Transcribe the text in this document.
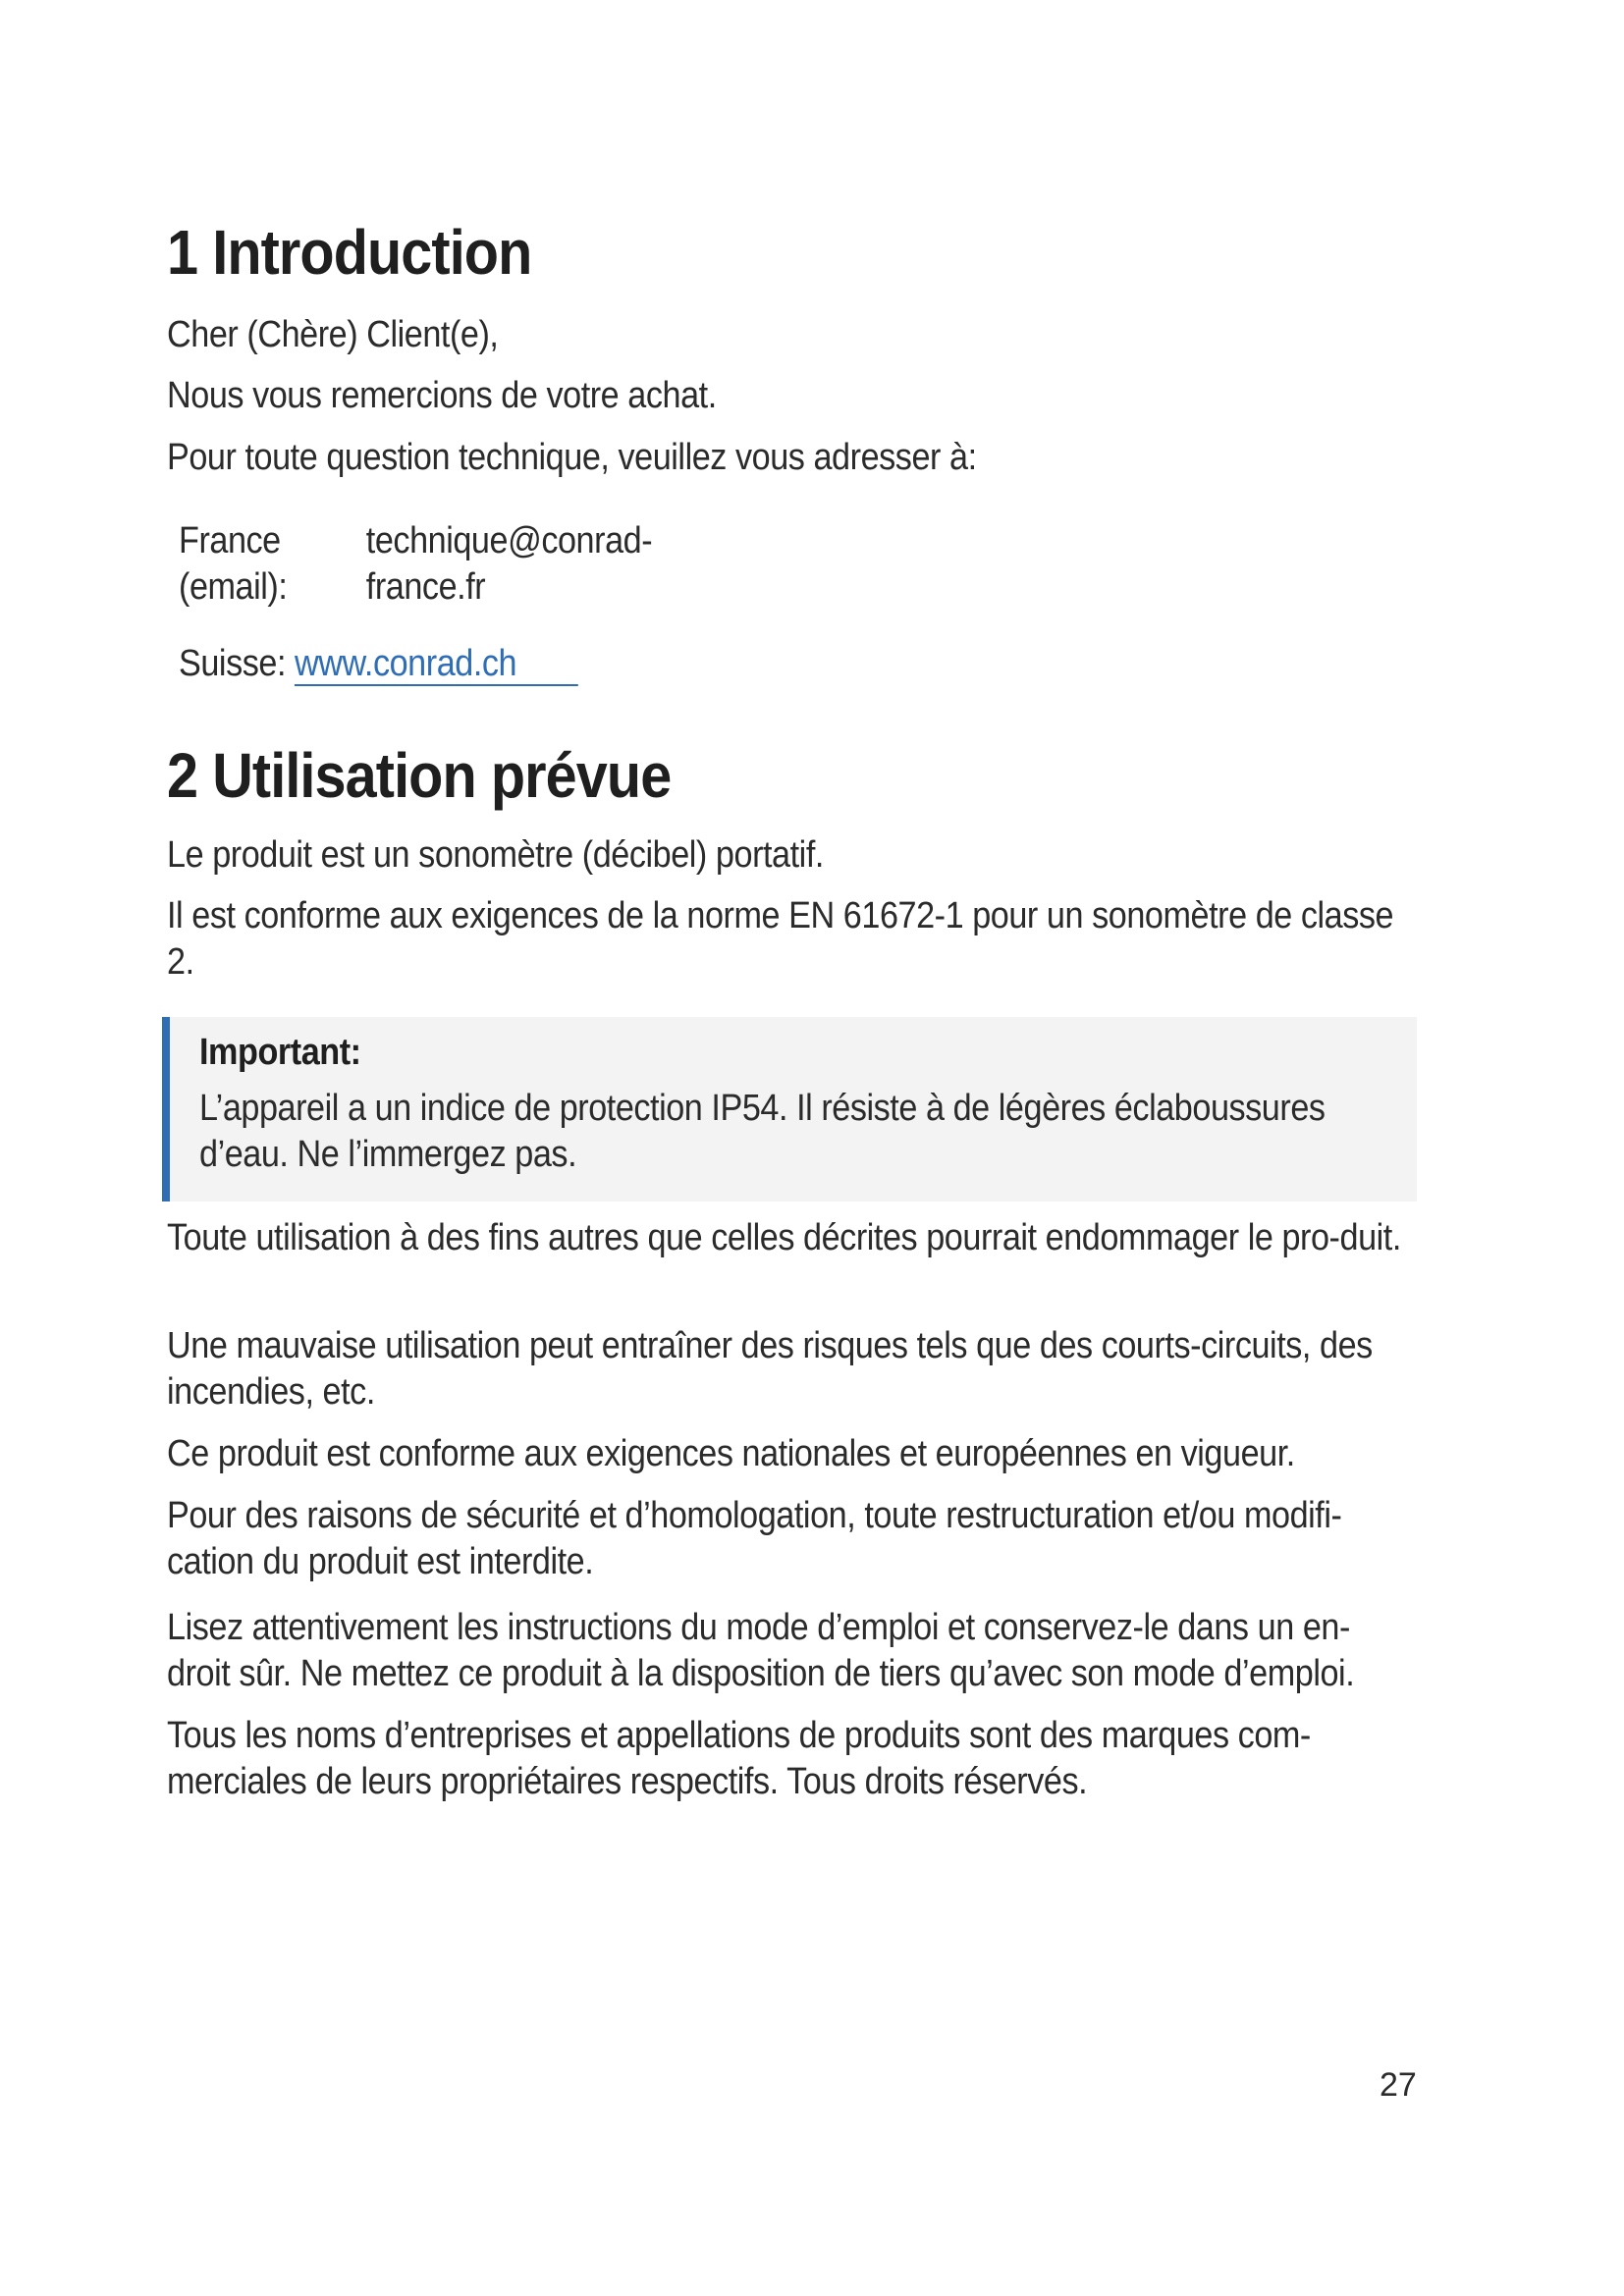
1 Introduction

Cher (Chère) Client(e),

Nous vous remercions de votre achat.

Pour toute question technique, veuillez vous adresser à:

France
(email):
technique@conrad-
france.fr
Suisse: www.conrad.ch
2 Utilisation prévue

Le produit est un sonomètre (décibel) portatif.

Il est conforme aux exigences de la norme EN 61672-1 pour un sonomètre de classe 2.

Important:
L’appareil a un indice de protection IP54. Il résiste à de légères éclaboussures d’eau. Ne l’immergez pas.

Toute utilisation à des fins autres que celles décrites pourrait endommager le pro-duit.

Une mauvaise utilisation peut entraîner des risques tels que des courts-circuits, des incendies, etc.

Ce produit est conforme aux exigences nationales et européennes en vigueur.

Pour des raisons de sécurité et d’homologation, toute restructuration et/ou modifi-cation du produit est interdite.

Lisez attentivement les instructions du mode d’emploi et conservez-le dans un en-droit sûr. Ne mettez ce produit à la disposition de tiers qu’avec son mode d’emploi.

Tous les noms d’entreprises et appellations de produits sont des marques com-merciales de leurs propriétaires respectifs. Tous droits réservés.

27
